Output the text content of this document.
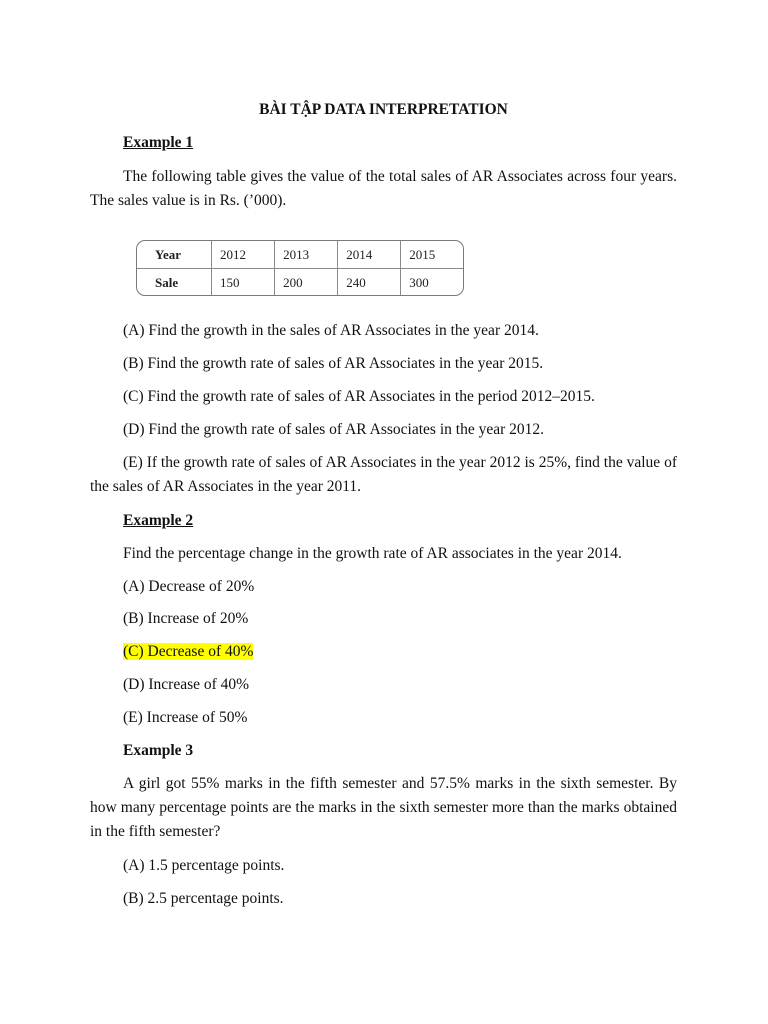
BÀI TẬP DATA INTERPRETATION

Example 1

The following table gives the value of the total sales of AR Associates across four years. The sales value is in Rs. (’000).

Year	2012	2013	2014	2015
Sale	150	200	240	300

(A) Find the growth in the sales of AR Associates in the year 2014.

(B) Find the growth rate of sales of AR Associates in the year 2015.

(C) Find the growth rate of sales of AR Associates in the period 2012–2015.

(D) Find the growth rate of sales of AR Associates in the year 2012.

(E) If the growth rate of sales of AR Associates in the year 2012 is 25%, find the value of the sales of AR Associates in the year 2011.

Example 2

Find the percentage change in the growth rate of AR associates in the year 2014.

(A) Decrease of 20%

(B) Increase of 20%

(C) Decrease of 40%

(D) Increase of 40%

(E) Increase of 50%

Example 3

A girl got 55% marks in the fifth semester and 57.5% marks in the sixth semester. By how many percentage points are the marks in the sixth semester more than the marks obtained in the fifth semester?

(A) 1.5 percentage points.

(B) 2.5 percentage points.
